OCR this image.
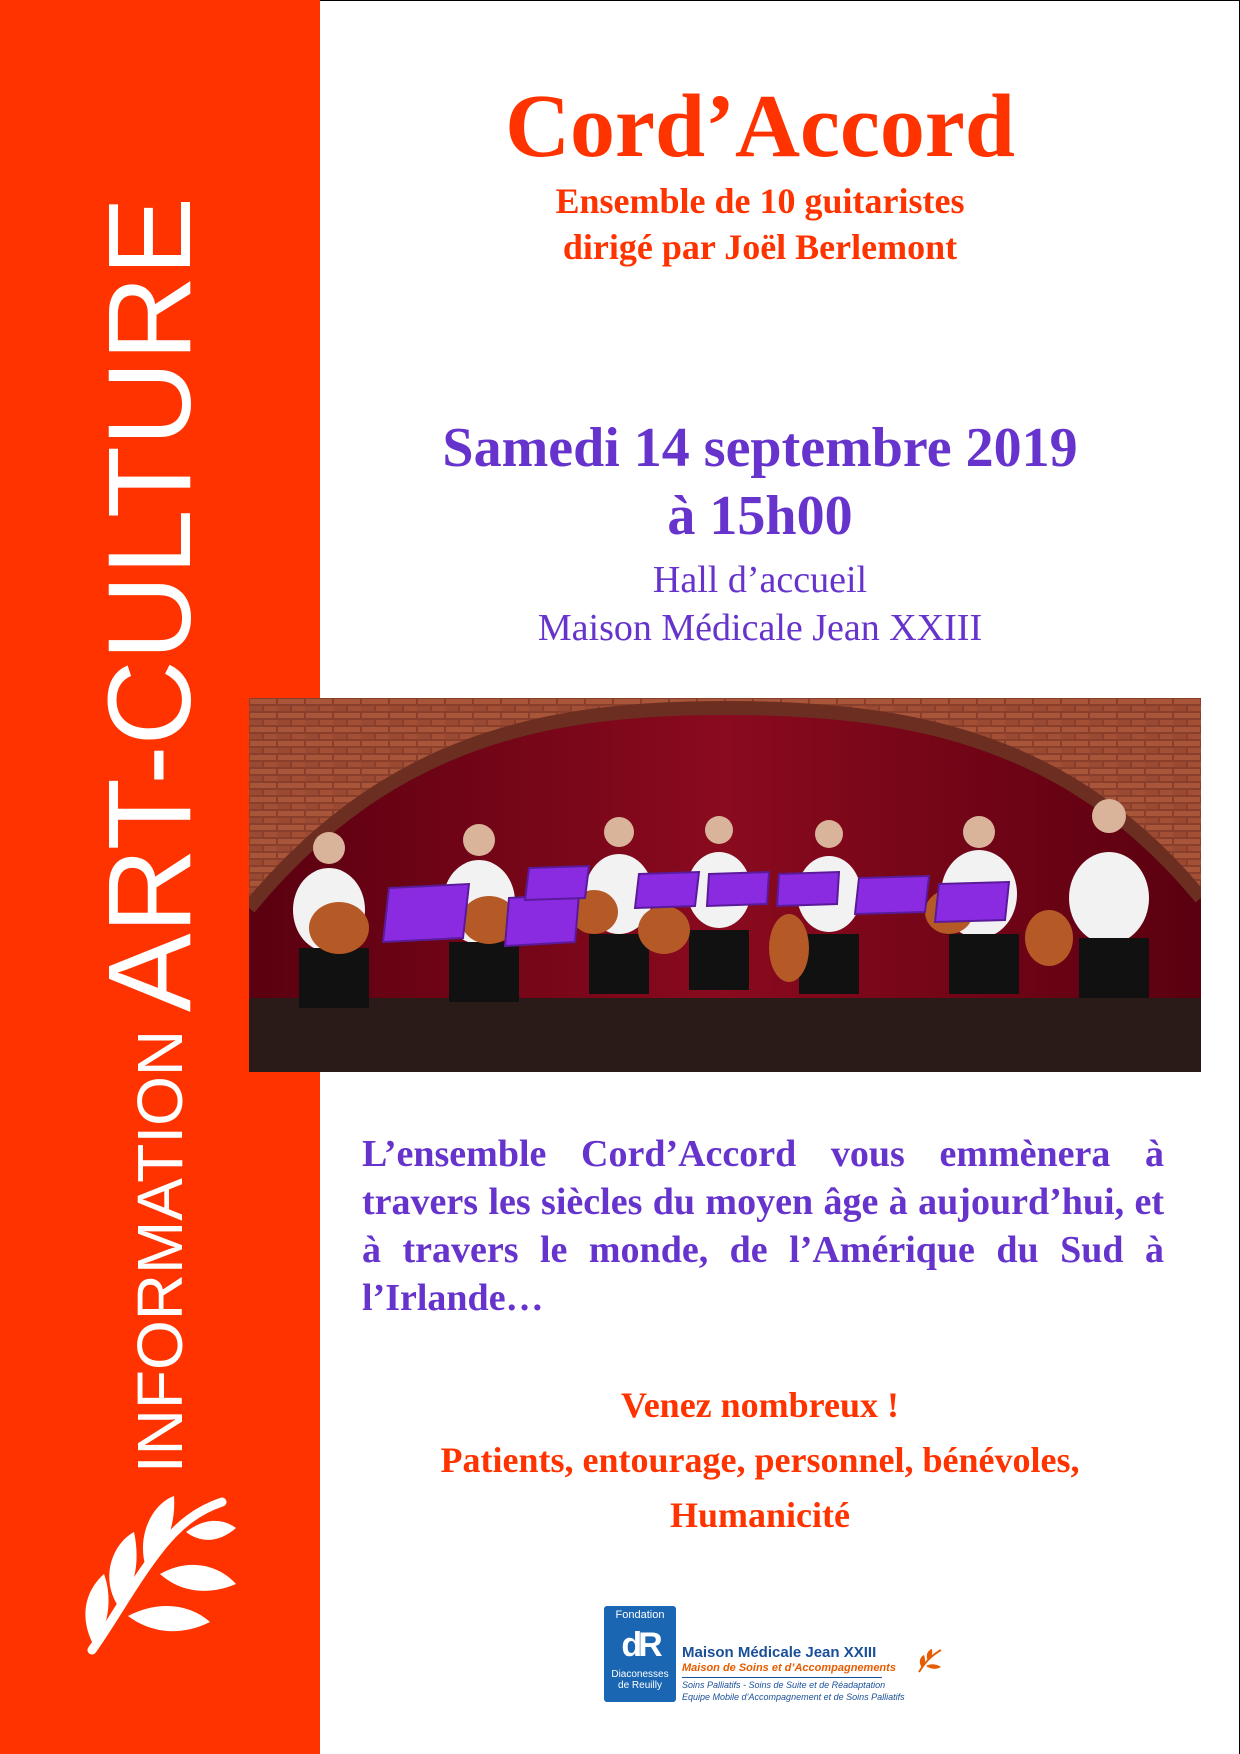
INFORMATION ART-CULTURE
Cord’Accord
Ensemble de 10 guitaristes
dirigé par Joël Berlemont
Samedi 14 septembre 2019
à 15h00
Hall d’accueil
Maison Médicale Jean XXIII

L’ensemble Cord’Accord vous emmènera à travers les siècles du moyen âge à aujourd’hui, et à travers le monde, de l’Amérique du Sud à l’Irlande…

Venez nombreux !
Patients, entourage, personnel, bénévoles,
Humanicité
Fondation
dR
Diaconesses
de Reuilly
Maison Médicale Jean XXIII
Maison de Soins et d’Accompagnements
Soins Palliatifs - Soins de Suite et de Réadaptation
Equipe Mobile d’Accompagnement et de Soins Palliatifs
